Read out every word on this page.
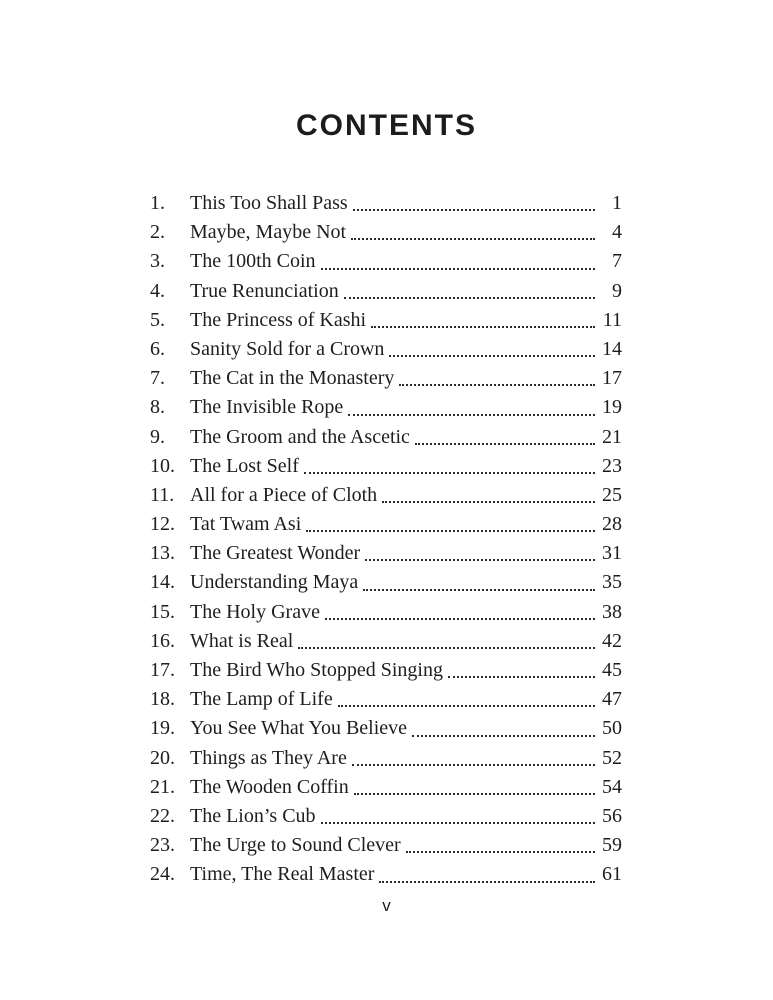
CONTENTS
1.	This Too Shall Pass	1
2.	Maybe, Maybe Not	4
3.	The 100th Coin	7
4.	True Renunciation	9
5.	The Princess of Kashi	11
6.	Sanity Sold for a Crown	14
7.	The Cat in the Monastery	17
8.	The Invisible Rope	19
9.	The Groom and the Ascetic	21
10. The Lost Self	23
11. All for a Piece of Cloth	25
12. Tat Twam Asi	28
13. The Greatest Wonder	31
14. Understanding Maya	35
15. The Holy Grave	38
16. What is Real	42
17. The Bird Who Stopped Singing	45
18. The Lamp of Life	47
19. You See What You Believe	50
20. Things as They Are	52
21. The Wooden Coffin	54
22. The Lion’s Cub	56
23. The Urge to Sound Clever	59
24. Time, The Real Master	61
v
